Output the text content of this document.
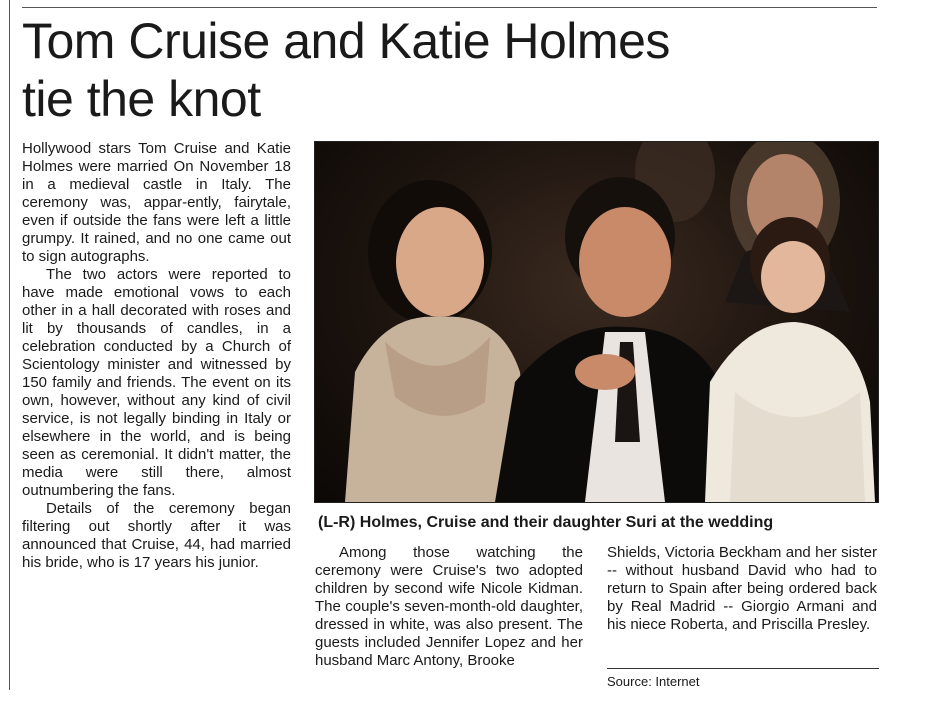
Tom Cruise and Katie Holmes
tie the knot

Hollywood stars Tom Cruise and Katie Holmes were married On November 18 in a medieval castle in Italy. The ceremony was, appar-ently, fairytale, even if outside the fans were left a little grumpy. It rained, and no one came out to sign autographs.

The two actors were reported to have made emotional vows to each other in a hall decorated with roses and lit by thousands of candles, in a celebration conducted by a Church of Scientology minister and witnessed by 150 family and friends. The event on its own, however, without any kind of civil service, is not legally binding in Italy or elsewhere in the world, and is being seen as ceremonial. It didn't matter, the media were still there, almost outnumbering the fans.

Details of the ceremony began filtering out shortly after it was announced that Cruise, 44, had married his bride, who is 17 years his junior.

(L-R) Holmes, Cruise and their daughter Suri at the wedding

Among those watching the ceremony were Cruise's two adopted children by second wife Nicole Kidman. The couple's seven-month-old daughter, dressed in white, was also present. The guests included Jennifer Lopez and her husband Marc Antony, Brooke

Shields, Victoria Beckham and her sister -- without husband David who had to return to Spain after being ordered back by Real Madrid -- Giorgio Armani and his niece Roberta, and Priscilla Presley.

Source: Internet
